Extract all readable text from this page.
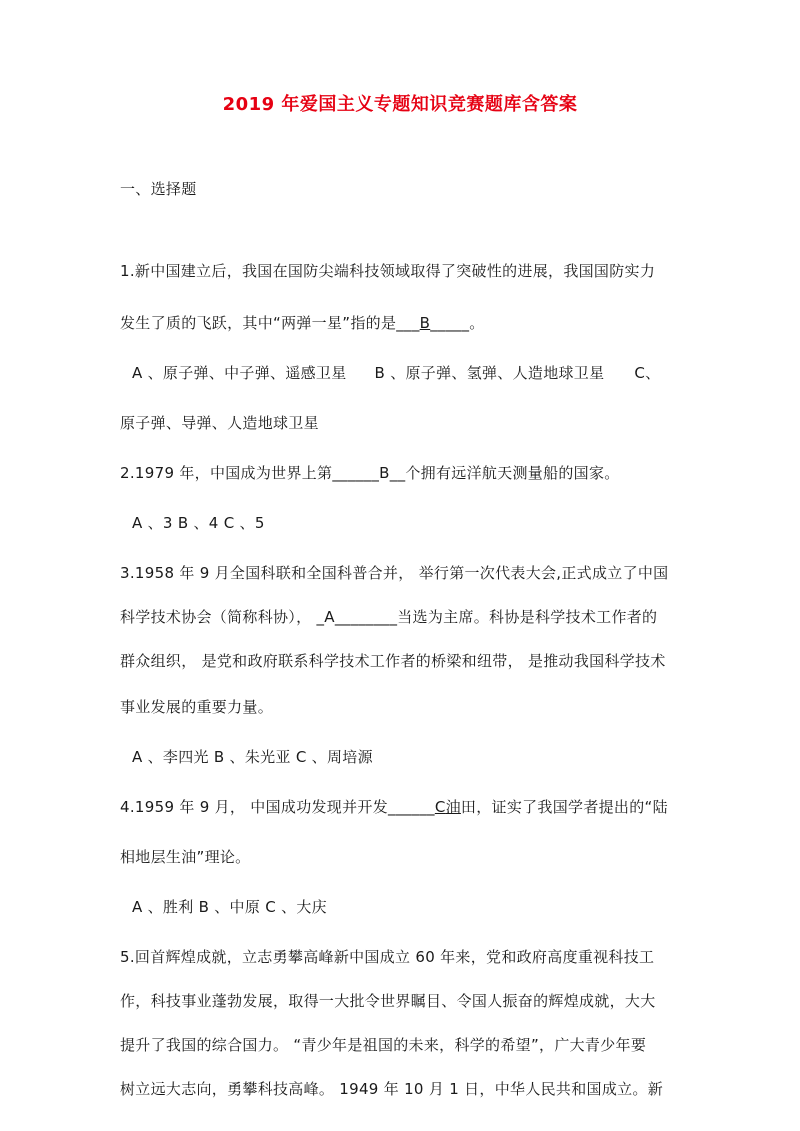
2019 年爱国主义专题知识竞赛题库含答案
一、选择题
1.新中国建立后，我国在国防尖端科技领域取得了突破性的进展，我国国防实力
发生了质的飞跃，其中“两弹一星”指的是___B_____。
A 、原子弹、中子弹、遥感卫星 B 、原子弹、氢弹、人造地球卫星 C、
原子弹、导弹、人造地球卫星
2.1979 年，中国成为世界上第______B__个拥有远洋航天测量船的国家。
A 、3 B 、4 C 、5
3.1958 年 9 月全国科联和全国科普合并， 举行第一次代表大会,正式成立了中国
科学技术协会（简称科协）， _A________当选为主席。科协是科学技术工作者的
群众组织， 是党和政府联系科学技术工作者的桥梁和纽带， 是推动我国科学技术
事业发展的重要力量。
A 、李四光 B 、朱光亚 C 、周培源
4.1959 年 9 月， 中国成功发现并开发______C油田，证实了我国学者提出的“陆
相地层生油”理论。
A 、胜利 B 、中原 C 、大庆
5.回首辉煌成就，立志勇攀高峰新中国成立 60 年来，党和政府高度重视科技工
作，科技事业蓬勃发展，取得一大批令世界瞩目、令国人振奋的辉煌成就，大大
提升了我国的综合国力。 “青少年是祖国的未来，科学的希望”，广大青少年要
树立远大志向，勇攀科技高峰。 1949 年 10 月 1 日，中华人民共和国成立。新
